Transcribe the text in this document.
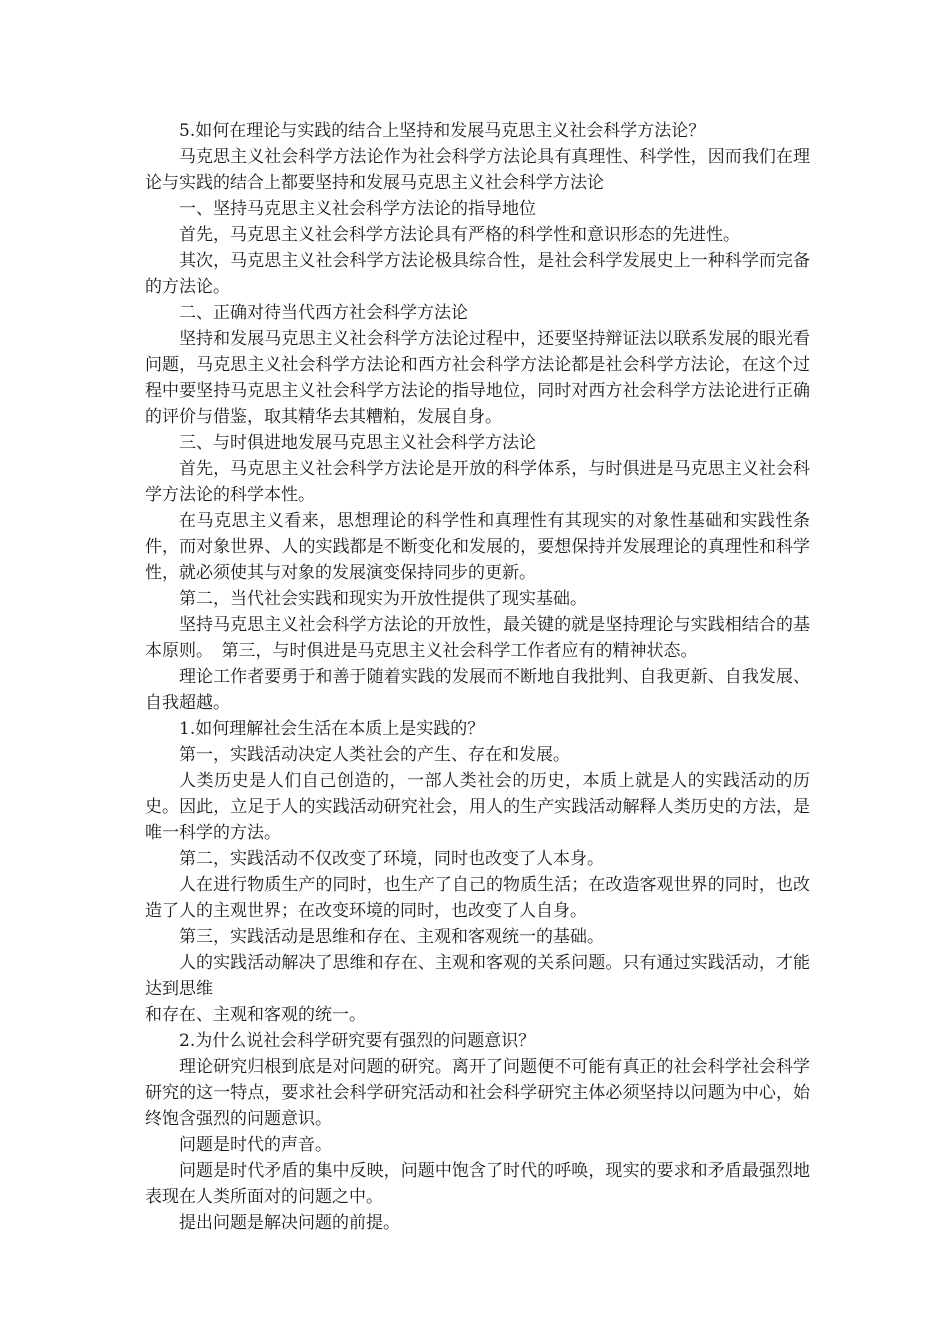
5.如何在理论与实践的结合上坚持和发展马克思主义社会科学方法论？

马克思主义社会科学方法论作为社会科学方法论具有真理性、科学性，因而我们在理论与实践的结合上都要坚持和发展马克思主义社会科学方法论

一、坚持马克思主义社会科学方法论的指导地位

首先，马克思主义社会科学方法论具有严格的科学性和意识形态的先进性。

其次，马克思主义社会科学方法论极具综合性，是社会科学发展史上一种科学而完备的方法论。

二、正确对待当代西方社会科学方法论

坚持和发展马克思主义社会科学方法论过程中，还要坚持辩证法以联系发展的眼光看问题，马克思主义社会科学方法论和西方社会科学方法论都是社会科学方法论，在这个过程中要坚持马克思主义社会科学方法论的指导地位，同时对西方社会科学方法论进行正确的评价与借鉴，取其精华去其糟粕，发展自身。

三、与时俱进地发展马克思主义社会科学方法论

首先，马克思主义社会科学方法论是开放的科学体系，与时俱进是马克思主义社会科学方法论的科学本性。

在马克思主义看来，思想理论的科学性和真理性有其现实的对象性基础和实践性条件，而对象世界、人的实践都是不断变化和发展的，要想保持并发展理论的真理性和科学性，就必须使其与对象的发展演变保持同步的更新。

第二，当代社会实践和现实为开放性提供了现实基础。

坚持马克思主义社会科学方法论的开放性，最关键的就是坚持理论与实践相结合的基本原则。　第三，与时俱进是马克思主义社会科学工作者应有的精神状态。

理论工作者要勇于和善于随着实践的发展而不断地自我批判、自我更新、自我发展、自我超越。

1.如何理解社会生活在本质上是实践的？

第一，实践活动决定人类社会的产生、存在和发展。

人类历史是人们自己创造的，一部人类社会的历史，本质上就是人的实践活动的历史。因此，立足于人的实践活动研究社会，用人的生产实践活动解释人类历史的方法，是唯一科学的方法。

第二，实践活动不仅改变了环境，同时也改变了人本身。

人在进行物质生产的同时，也生产了自己的物质生活；在改造客观世界的同时，也改造了人的主观世界；在改变环境的同时，也改变了人自身。

第三，实践活动是思维和存在、主观和客观统一的基础。

人的实践活动解决了思维和存在、主观和客观的关系问题。只有通过实践活动，才能达到思维

和存在、主观和客观的统一。

2.为什么说社会科学研究要有强烈的问题意识？

理论研究归根到底是对问题的研究。离开了问题便不可能有真正的社会科学社会科学研究的这一特点，要求社会科学研究活动和社会科学研究主体必须坚持以问题为中心，始终饱含强烈的问题意识。

问题是时代的声音。

问题是时代矛盾的集中反映，问题中饱含了时代的呼唤，现实的要求和矛盾最强烈地表现在人类所面对的问题之中。

提出问题是解决问题的前提。
